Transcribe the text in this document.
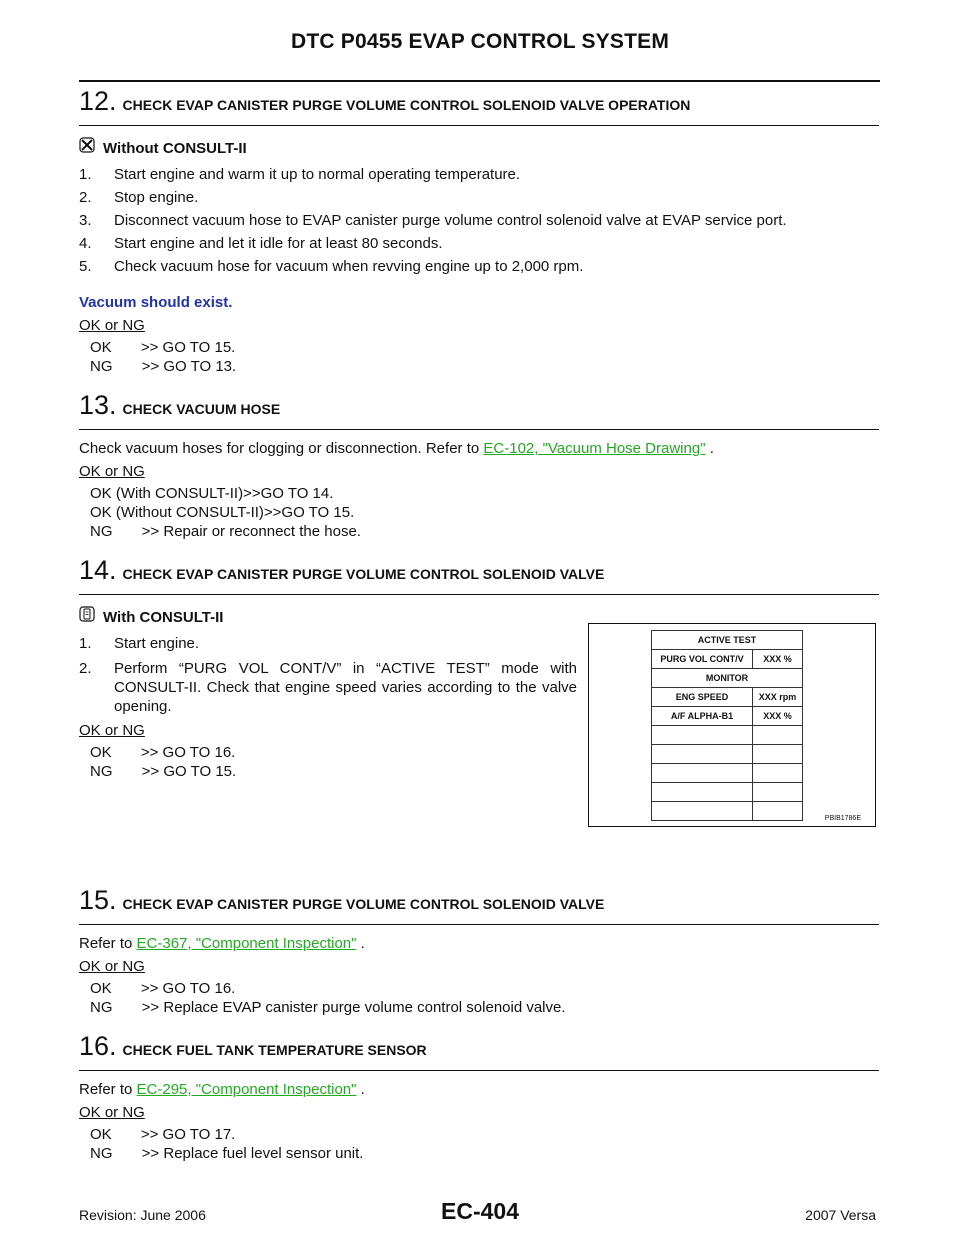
DTC P0455 EVAP CONTROL SYSTEM
12. CHECK EVAP CANISTER PURGE VOLUME CONTROL SOLENOID VALVE OPERATION
Without CONSULT-II
1.	Start engine and warm it up to normal operating temperature.
2.	Stop engine.
3.	Disconnect vacuum hose to EVAP canister purge volume control solenoid valve at EVAP service port.
4.	Start engine and let it idle for at least 80 seconds.
5.	Check vacuum hose for vacuum when revving engine up to 2,000 rpm.
Vacuum should exist.
OK or NG
OK       >> GO TO 15.
NG       >> GO TO 13.
13. CHECK VACUUM HOSE
Check vacuum hoses for clogging or disconnection. Refer to EC-102, "Vacuum Hose Drawing" .
OK or NG
OK (With CONSULT-II)>>GO TO 14.
OK (Without CONSULT-II)>>GO TO 15.
NG       >> Repair or reconnect the hose.
14. CHECK EVAP CANISTER PURGE VOLUME CONTROL SOLENOID VALVE
With CONSULT-II
1.	Start engine.
2.	Perform “PURG VOL CONT/V” in “ACTIVE TEST” mode with CONSULT-II. Check that engine speed varies according to the valve opening.
OK or NG
OK       >> GO TO 16.
NG       >> GO TO 15.
15. CHECK EVAP CANISTER PURGE VOLUME CONTROL SOLENOID VALVE
Refer to EC-367, "Component Inspection" .
OK or NG
OK       >> GO TO 16.
NG       >> Replace EVAP canister purge volume control solenoid valve.
16. CHECK FUEL TANK TEMPERATURE SENSOR
Refer to EC-295, "Component Inspection" .
OK or NG
OK       >> GO TO 17.
NG       >> Replace fuel level sensor unit.
ACTIVE TEST	
PURG VOL CONT/V	XXX %
MONITOR	
ENG SPEED	XXX rpm
A/F ALPHA-B1	XXX %

PBIB1786E
Revision: June 2006	EC-404	2007 Versa
